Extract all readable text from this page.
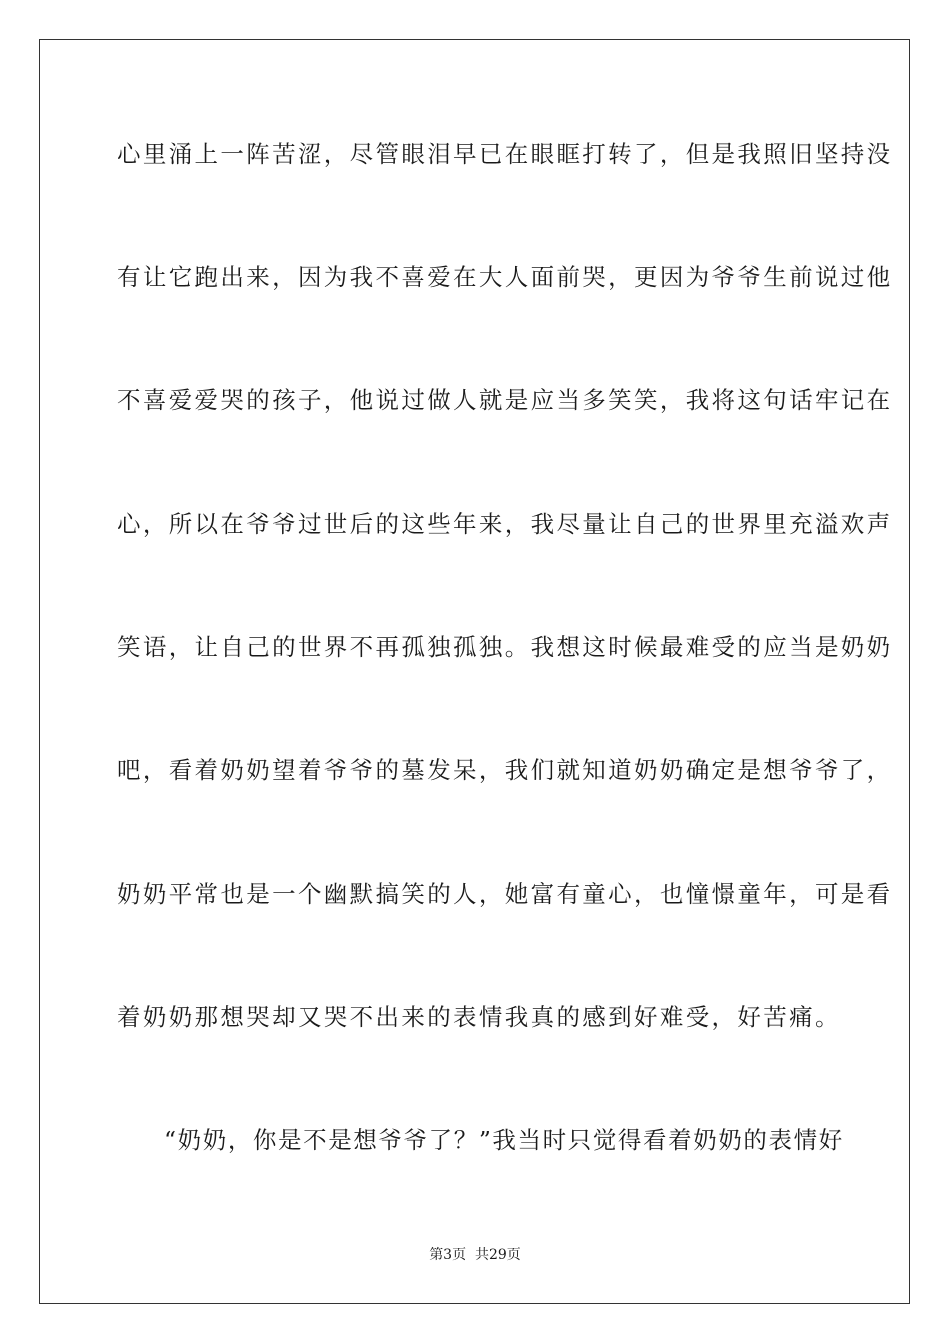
心里涌上一阵苦涩，尽管眼泪早已在眼眶打转了，但是我照旧坚持没
有让它跑出来，因为我不喜爱在大人面前哭，更因为爷爷生前说过他
不喜爱爱哭的孩子，他说过做人就是应当多笑笑，我将这句话牢记在
心，所以在爷爷过世后的这些年来，我尽量让自己的世界里充溢欢声
笑语，让自己的世界不再孤独孤独。我想这时候最难受的应当是奶奶
吧，看着奶奶望着爷爷的墓发呆，我们就知道奶奶确定是想爷爷了，
奶奶平常也是一个幽默搞笑的人，她富有童心，也憧憬童年，可是看
着奶奶那想哭却又哭不出来的表情我真的感到好难受，好苦痛。
“奶奶，你是不是想爷爷了？”我当时只觉得看着奶奶的表情好
第3页  共29页
